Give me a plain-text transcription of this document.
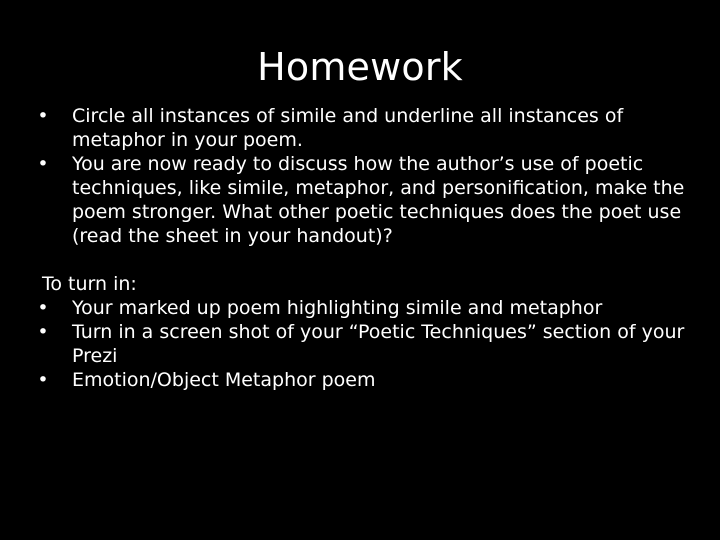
Homework
•	Circle all instances of simile and underline all instances of metaphor in your poem.
•	You are now ready to discuss how the author’s use of poetic techniques, like simile, metaphor, and personification, make the poem stronger. What other poetic techniques does the poet use (read the sheet in your handout)?

To turn in:

•	Your marked up poem highlighting simile and metaphor
•	Turn in a screen shot of your “Poetic Techniques” section of your Prezi
•	Emotion/Object Metaphor poem
